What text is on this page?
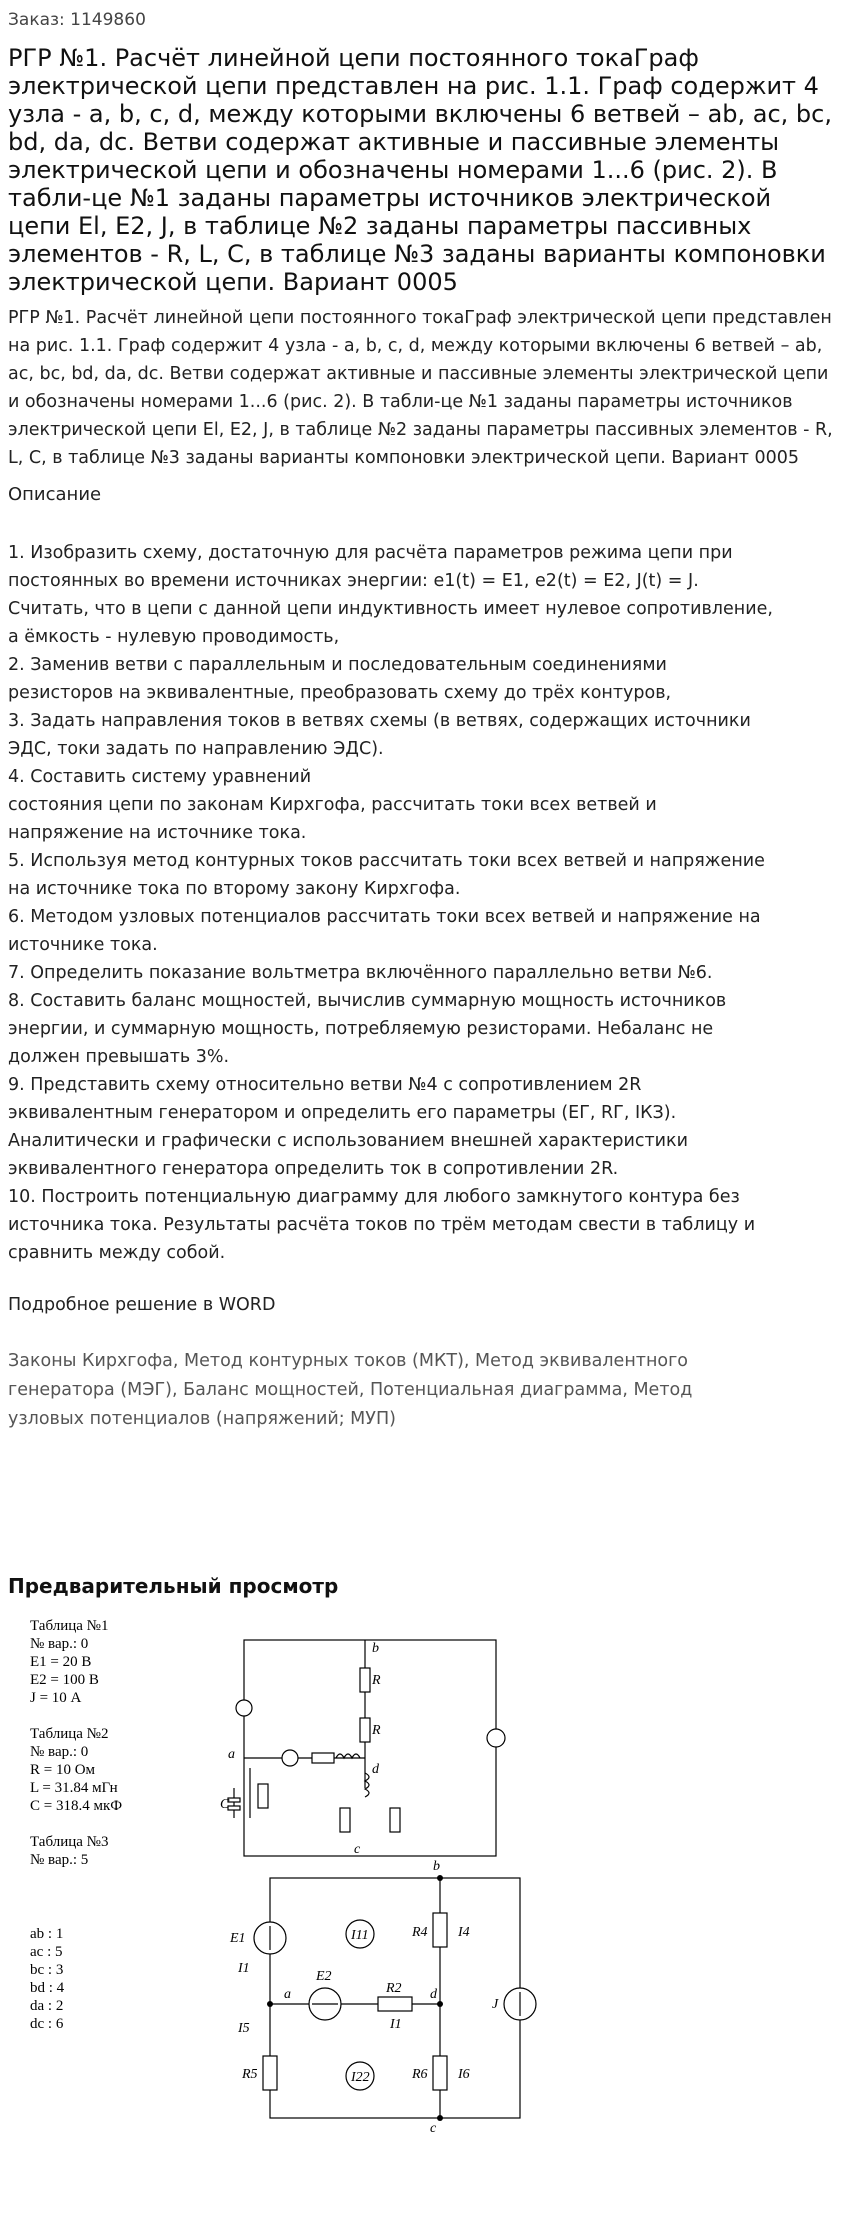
Заказ: 1149860
РГР №1. Расчёт линейной цепи постоянного токаГраф электрической цепи представлен на рис. 1.1. Граф содержит 4 узла - a, b, c, d, между которыми включены 6 ветвей – ab, ac, bc, bd, da, dc. Ветви содержат активные и пассивные элементы электрической цепи и обозначены номерами 1...6 (рис. 2). В табли-це №1 заданы параметры источников электрической цепи El, E2, J, в таблице №2 заданы параметры пассивных элементов - R, L, C, в таблице №3 заданы варианты компоновки электрической цепи. Вариант 0005

РГР №1. Расчёт линейной цепи постоянного токаГраф электрической цепи представлен на рис. 1.1. Граф содержит 4 узла - a, b, c, d, между которыми включены 6 ветвей – ab, ac, bc, bd, da, dc. Ветви содержат активные и пассивные элементы электрической цепи и обозначены номерами 1...6 (рис. 2). В табли-це №1 заданы параметры источников электрической цепи El, E2, J, в таблице №2 заданы параметры пассивных элементов - R, L, C, в таблице №3 заданы варианты компоновки электрической цепи. Вариант 0005

Описание
1. Изобразить схему, достаточную для расчёта параметров режима цепи при
постоянных во времени источниках энергии: e1(t) = E1, e2(t) = E2, J(t) = J.
Считать, что в цепи с данной цепи индуктивность имеет нулевое сопротивление,
а ёмкость - нулевую проводимость,
2. Заменив ветви с параллельным и последовательным соединениями
резисторов на эквивалентные, преобразовать схему до трёх контуров,
3. Задать направления токов в ветвях схемы (в ветвях, содержащих источники
ЭДС, токи задать по направлению ЭДС).
4. Составить систему уравнений
состояния цепи по законам Кирхгофа, рассчитать токи всех ветвей и
напряжение на источнике тока.
5. Используя метод контурных токов рассчитать токи всех ветвей и напряжение
на источнике тока по второму закону Кирхгофа.
6. Методом узловых потенциалов рассчитать токи всех ветвей и напряжение на
источнике тока.
7. Определить показание вольтметра включённого параллельно ветви №6.
8. Составить баланс мощностей, вычислив суммарную мощность источников
энергии, и суммарную мощность, потребляемую резисторами. Небаланс не
должен превышать 3%.
9. Представить схему относительно ветви №4 с сопротивлением 2R
эквивалентным генератором и определить его параметры (ЕГ, RГ, IКЗ).
Аналитически и графически с использованием внешней характеристики
эквивалентного генератора определить ток в сопротивлении 2R.
10. Построить потенциальную диаграмму для любого замкнутого контура без
источника тока. Результаты расчёта токов по трём методам свести в таблицу и
сравнить между собой.
Подробное решение в WORD
Законы Кирхгофа, Метод контурных токов (МКТ), Метод эквивалентного
генератора (МЭГ), Баланс мощностей, Потенциальная диаграмма, Метод
узловых потенциалов (напряжений; МУП)
Предварительный просмотр
Таблица №1
№ вар.: 0
E1 = 20 В
E2 = 100 В
J = 10 А
Таблица №2
№ вар.: 0
R = 10 Ом
L = 31.84 мГн
C = 318.4 мкФ
Таблица №3
№ вар.: 5
b
a
d
c
C
R
R
b
a	d
c
E1
E2
R2
R4
R5	R6
I1
I1
I4
I5
I6
I11
I22
J
ab : 1
ac : 5
bc : 3
bd : 4
da : 2
dc : 6
